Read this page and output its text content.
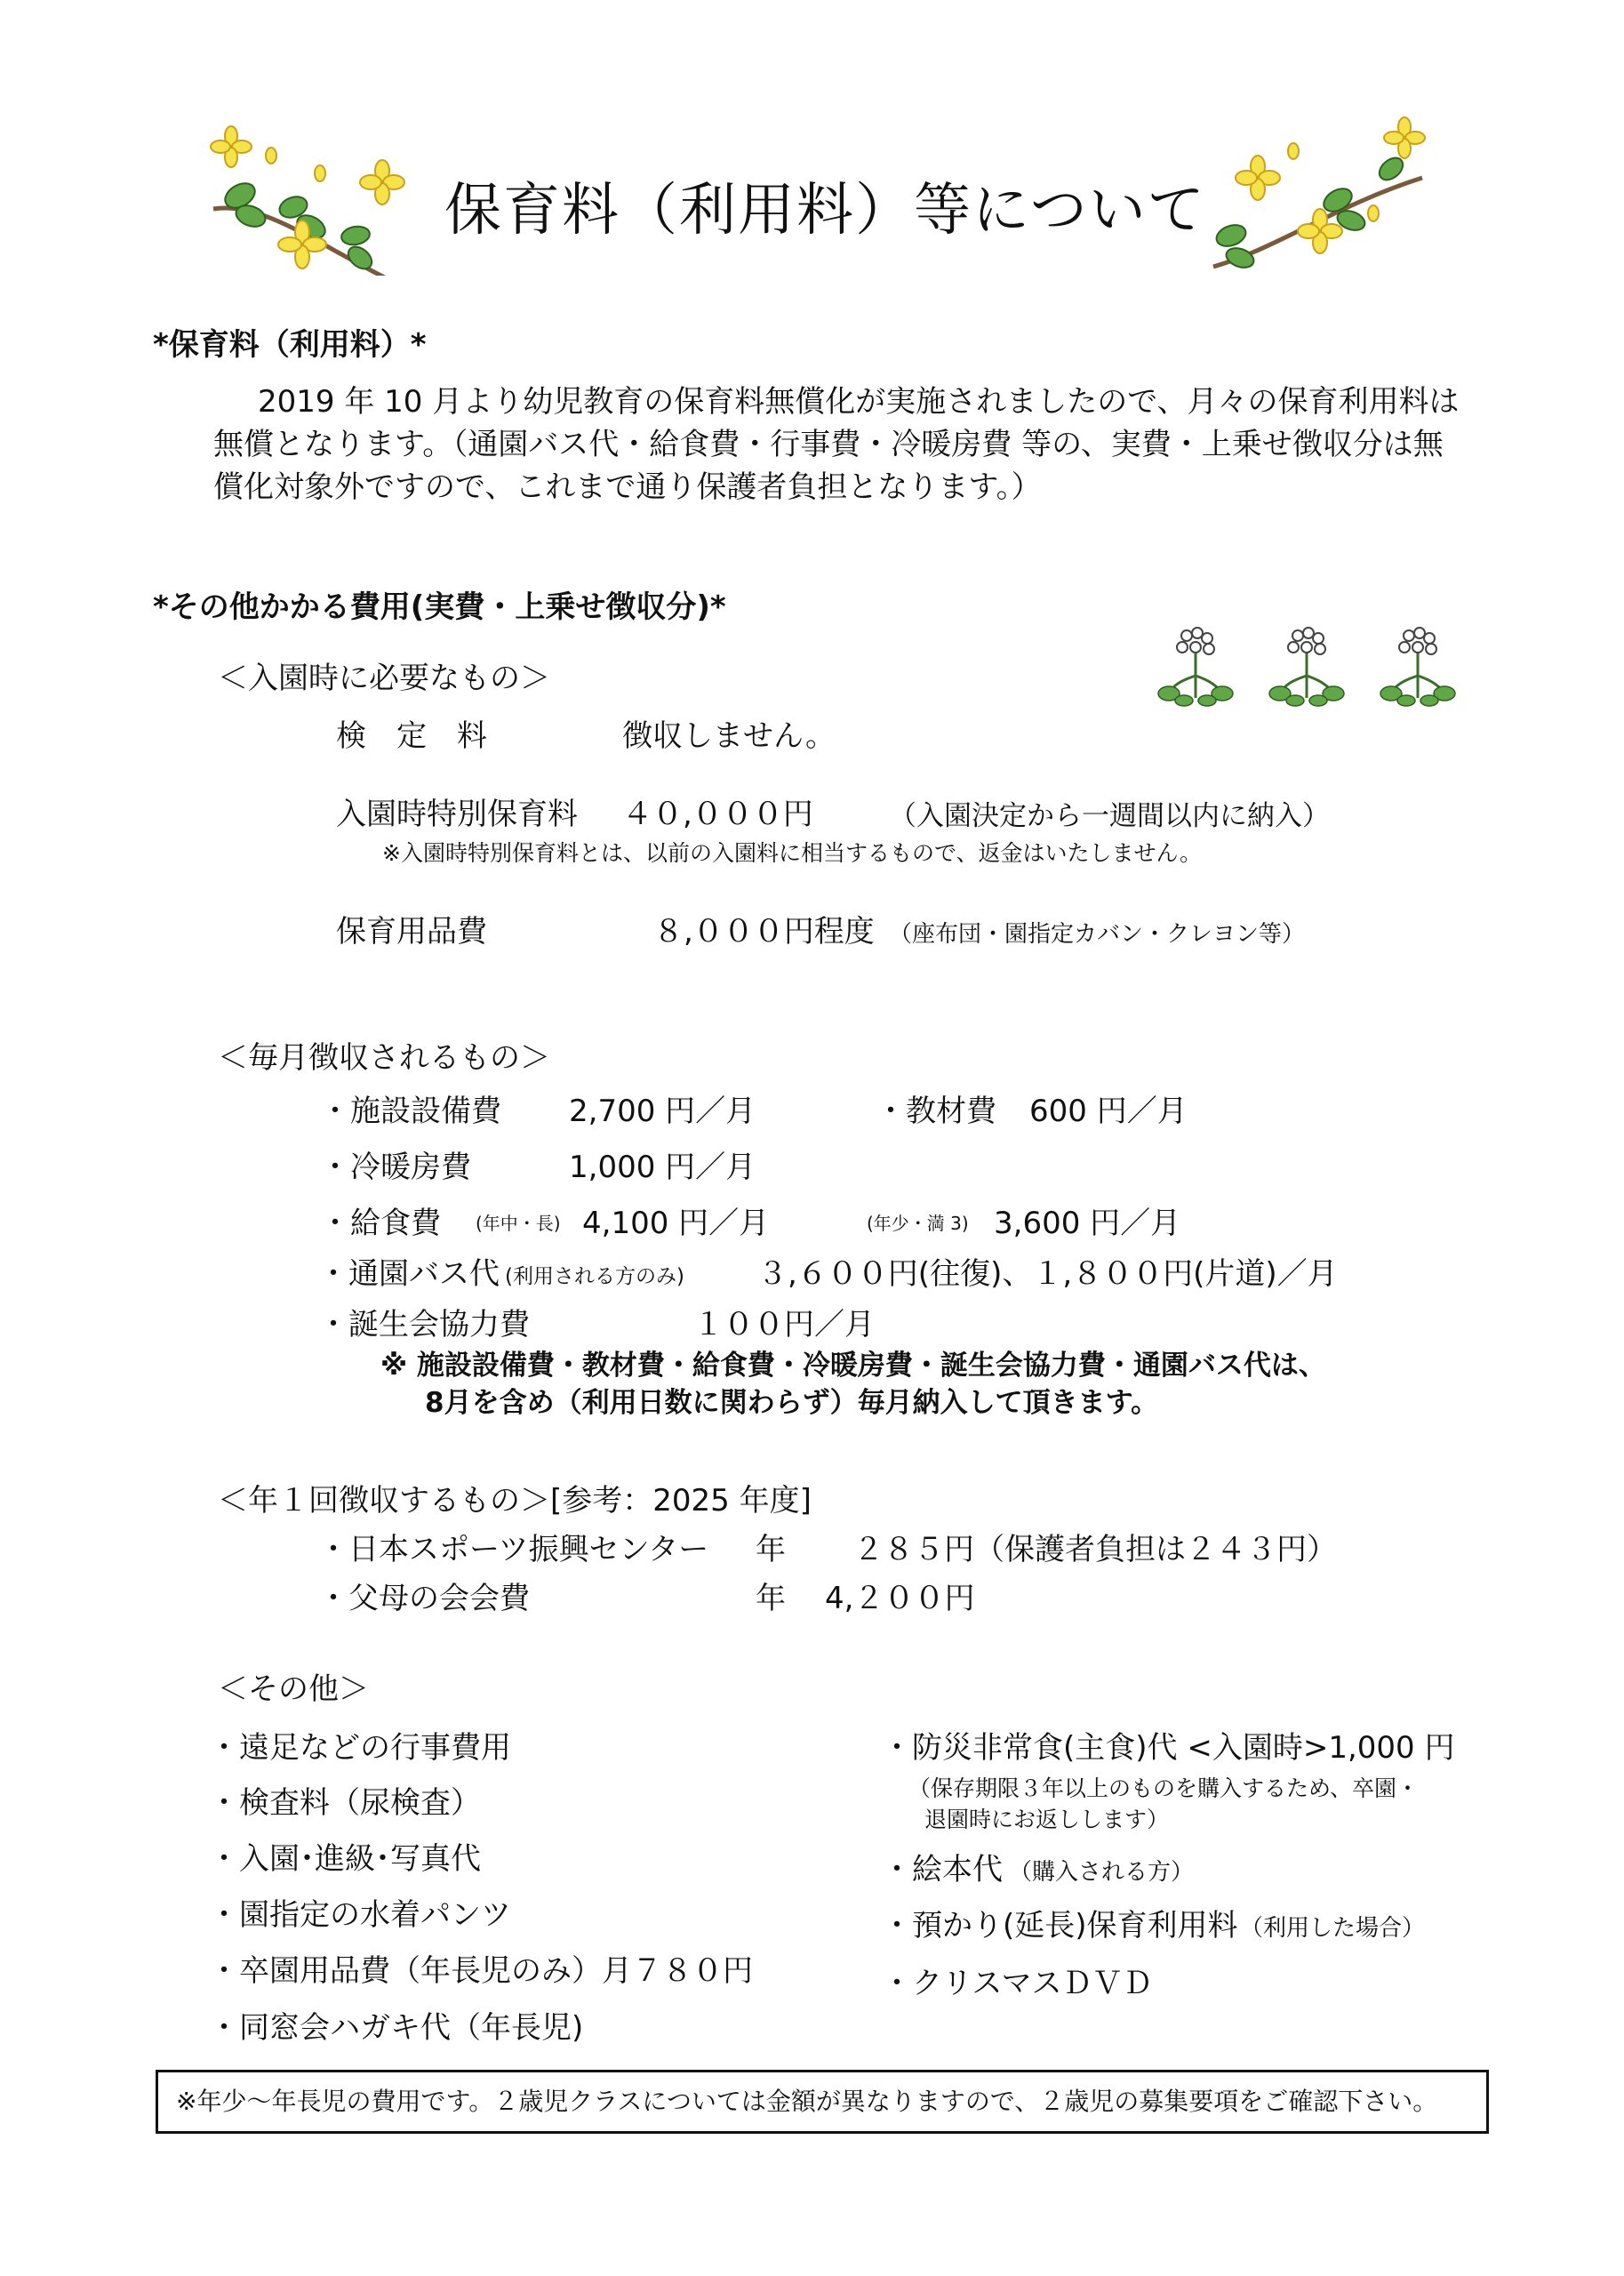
保育料（利用料）等について
*保育料（利用料）*
2019 年 10 月より幼児教育の保育料無償化が実施されましたので、月々の保育利用料は無償となります。（通園バス代・給食費・行事費・冷暖房費 等の、実費・上乗せ徴収分は無償化対象外ですので、これまで通り保護者負担となります。）
*その他かかる費用(実費・上乗せ徴収分)*
＜入園時に必要なもの＞
検　定　料	徴収しません。
入園時特別保育料 ４０,０００円	（入園決定から一週間以内に納入）
※入園時特別保育料とは、以前の入園料に相当するもので、返金はいたしません。
保育用品費	８,０００円程度 （座布団・園指定カバン・クレヨン等）
＜毎月徴収されるもの＞
・施設設備費 2,700 円／月	・教材費 600 円／月
・冷暖房費	1,000 円／月
・給食費 (年中・長) 4,100 円／月	(年少・満 3) 3,600 円／月
・通園バス代 (利用される方のみ) ３,６００円(往復)、１,８００円(片道)／月
・誕生会協力費	１００円／月
※ 施設設備費・教材費・給食費・冷暖房費・誕生会協力費・通園バス代は、
8月を含め（利用日数に関わらず）毎月納入して頂きます。
＜年１回徴収するもの＞[参考：2025 年度]
・日本スポーツ振興センター 年 ２８５円（保護者負担は２４３円）
・父母の会会費	年 4,２００円
＜その他＞
・遠足などの行事費用
・検査料（尿検査）
・入園･進級･写真代
・園指定の水着パンツ
・卒園用品費（年長児のみ）月７８０円
・同窓会ハガキ代（年長児)
・防災非常食(主食)代 <入園時>1,000 円
（保存期限３年以上のものを購入するため、卒園・
退園時にお返しします）
・絵本代 （購入される方）
・預かり(延長)保育利用料 （利用した場合）
・クリスマスＤＶＤ
※年少～年長児の費用です。２歳児クラスについては金額が異なりますので、２歳児の募集要項をご確認下さい。
